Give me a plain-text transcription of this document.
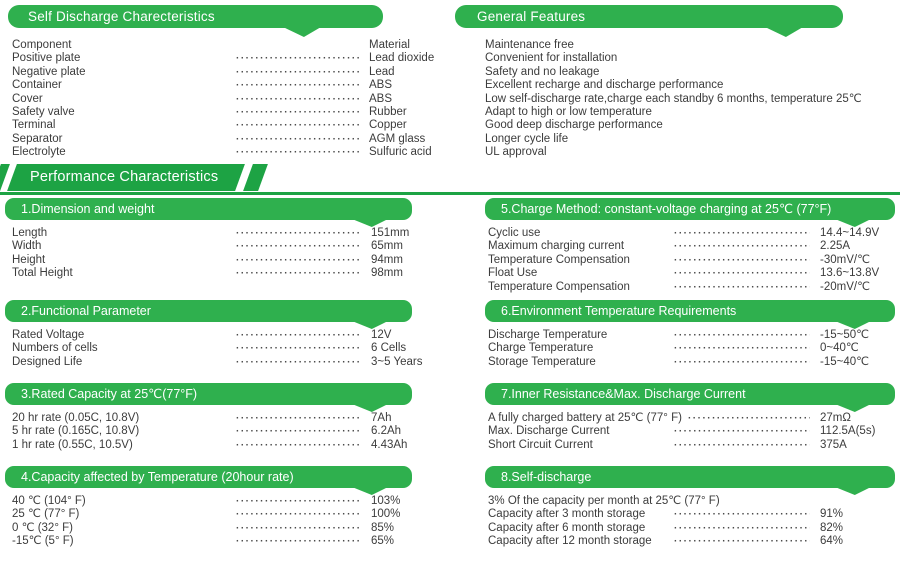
Self Discharge Charecteristics
Component	Material
Positive plate ·····	Lead dioxide
Negative plate ·····	Lead
Container ·····	ABS
Cover ·····	ABS
Safety valve ·····	Rubber
Terminal ·····	Copper
Separator ·····	AGM glass
Electrolyte ·····	Sulfuric acid
General Features
Maintenance free
Convenient for installation
Safety and no leakage
Excellent recharge and discharge performance
Low self-discharge rate,charge each standby 6 months, temperature 25℃
Adapt to high or low temperature
Good deep discharge performance
Longer cycle life
UL approval
Performance Characteristics
1.Dimension and weight
Length ·····	151mm
Width ·····	65mm
Height ·····	94mm
Total Height ·····	98mm
2.Functional Parameter
Rated Voltage ·····	12V
Numbers of cells ·····	6 Cells
Designed Life ·····	3~5 Years
3.Rated Capacity at 25℃(77°F)
20 hr rate (0.05C, 10.8V) ·····	7Ah
5 hr rate (0.165C, 10.8V) ·····	6.2Ah
1 hr rate (0.55C, 10.5V) ·····	4.43Ah
4.Capacity affected by Temperature (20hour rate)
40 ℃ (104° F) ·····	103%
25 ℃ (77° F) ·····	100%
0 ℃ (32° F) ·····	85%
-15℃ (5° F) ·····	65%
5.Charge Method: constant-voltage charging at 25℃ (77°F)
Cyclic use ·····	14.4~14.9V
Maximum charging current ·····	2.25A
Temperature Compensation ·····	-30mV/℃
Float Use ·····	13.6~13.8V
Temperature Compensation ·····	-20mV/℃
6.Environment Temperature Requirements
Discharge Temperature ·····	-15~50℃
Charge Temperature ·····	0~40℃
Storage Temperature ·····	-15~40℃
7.Inner Resistance&Max. Discharge Current
A fully charged battery at 25℃ (77° F) ·····	27mΩ
Max. Discharge Current ·····	112.5A(5s)
Short Circuit Current ·····	375A
8.Self-discharge
3% Of the capacity per month at 25℃ (77° F)
Capacity after 3 month storage ·····	91%
Capacity after 6 month storage ·····	82%
Capacity after 12 month storage ·····	64%
